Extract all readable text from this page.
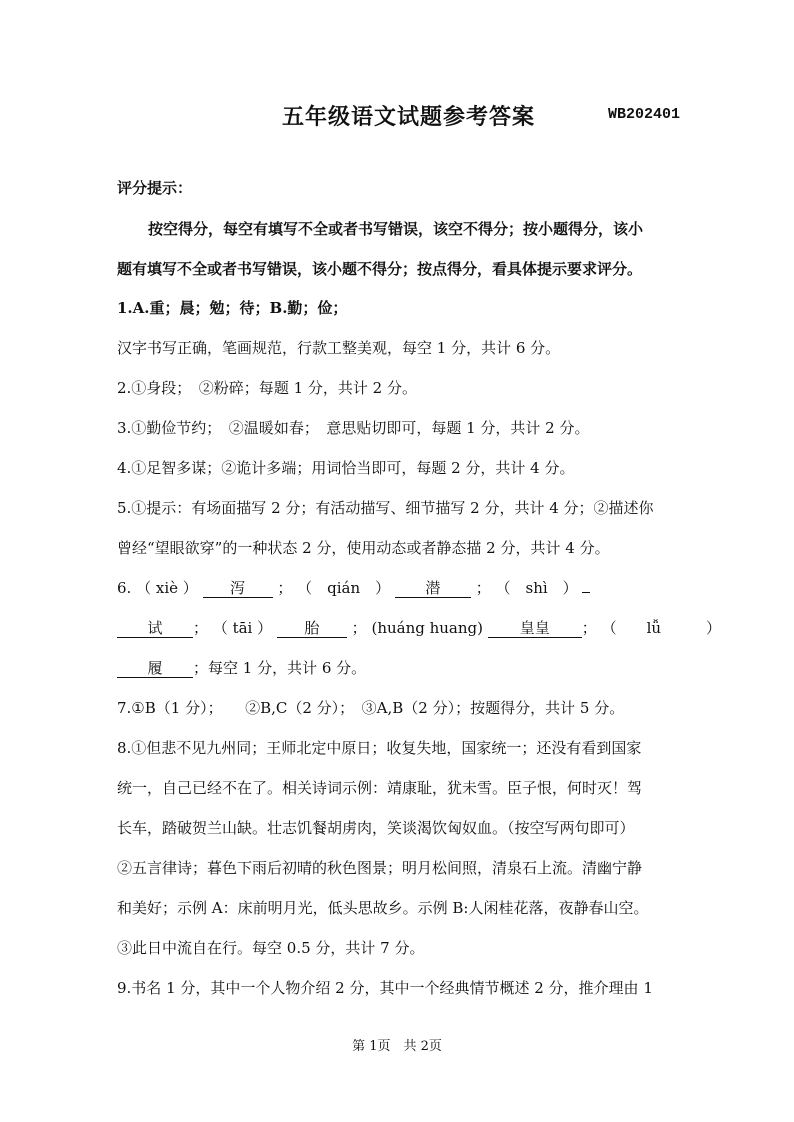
五年级语文试题参考答案	WB202401
评分提示：
按空得分，每空有填写不全或者书写错误，该空不得分；按小题得分，该小
题有填写不全或者书写错误，该小题不得分；按点得分，看具体提示要求评分。
1.A.重；晨；勉；待；B.勤；俭；
汉字书写正确，笔画规范，行款工整美观，每空 1 分，共计 6 分。
2.①身段；　②粉碎；每题 1 分，共计 2 分。
3.①勤俭节约；　②温暖如春；　意思贴切即可，每题 1 分，共计 2 分。
4.①足智多谋；②诡计多端；用词恰当即可，每题 2 分，共计 4 分。
5.①提示：有场面描写 2 分；有活动描写、细节描写 2 分，共计 4 分；②描述你
曾经“望眼欲穿”的一种状态 2 分，使用动态或者静态描 2 分，共计 4 分。
6. （ xiè ） 泻 ； （　qián　） 潜 ； （　shì　）
试 ； （ tāi ） 胎 ； (huáng huang) 皇皇 ； （　　lǚ　　　）
履 ；每空 1 分，共计 6 分。
7.①B（1 分）；　　②B,C（2 分）；　③A,B（2 分）；按题得分，共计 5 分。
8.①但悲不见九州同；王师北定中原日；收复失地，国家统一；还没有看到国家
统一，自己已经不在了。相关诗词示例：靖康耻，犹未雪。臣子恨，何时灭！驾
长车，踏破贺兰山缺。壮志饥餐胡虏肉，笑谈渴饮匈奴血。（按空写两句即可）
②五言律诗；暮色下雨后初晴的秋色图景；明月松间照，清泉石上流。清幽宁静
和美好；示例 A：床前明月光，低头思故乡。示例 B:人闲桂花落，夜静春山空。
③此日中流自在行。每空 0.5 分，共计 7 分。
9.书名 1 分，其中一个人物介绍 2 分，其中一个经典情节概述 2 分，推介理由 1
第 1页　共 2页
